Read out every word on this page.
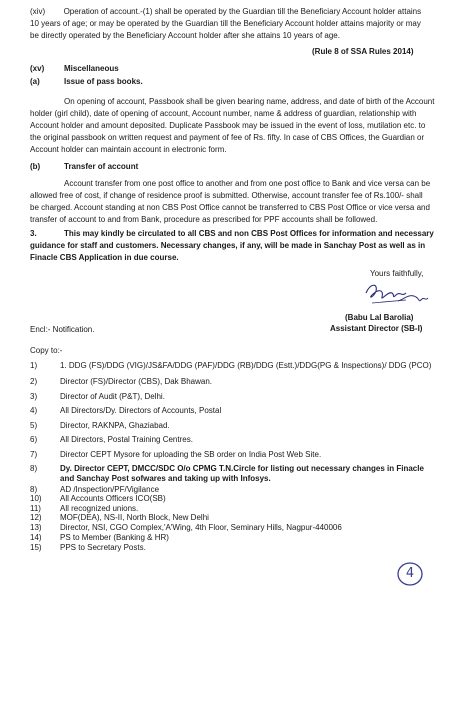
(xiv) Operation of account.-(1) shall be operated by the Guardian till the Beneficiary Account holder attains
10 years of age; or may be operated by the Guardian till the Beneficiary Account holder attains majority or may
be directly operated by the Beneficiary Account holder after she attains 10 years of age.
(Rule 8 of SSA Rules 2014)
(xv) Miscellaneous
(a)	Issue of pass books.
On opening of account, Passbook shall be given bearing name, address, and date of birth of the Account
holder (girl child), date of opening of account, Account number, name & address of guardian, relationship with
Account holder and amount deposited. Duplicate Passbook may be issued in the event of loss, mutilation etc. to
the original passbook on written request and payment of fee of Rs. fifty. In case of CBS Offices, the Guardian or
Account holder can maintain account in electronic form.
(b)	Transfer of account
Account transfer from one post office to another and from one post office to Bank and vice versa can be
allowed free of cost, if change of residence proof is submitted. Otherwise, account transfer fee of Rs.100/- shall
be charged. Account standing at non CBS Post Office cannot be transferred to CBS Post Office or vice versa and
transfer of account to and from Bank, procedure as prescribed for PPF accounts shall be followed.
3.	This may kindly be circulated to all CBS and non CBS Post Offices for information and necessary
guidance for staff and customers. Necessary changes, if any, will be made in Sanchay Post as well as in
Finacle CBS Application in due course.
Yours faithfully,
(Babu Lal Barolia)
Assistant Director (SB-I)
Encl:- Notification.
Copy to:-
1)	1. DDG (FS)/DDG (VIG)/JS&FA/DDG (PAF)/DDG (RB)/DDG (Estt.)/DDG(PG & Inspections)/ DDG (PCO)
2)	Director (FS)/Director (CBS), Dak Bhawan.
3)	Director of Audit (P&T), Delhi.
4)	All Directors/Dy. Directors of Accounts, Postal
5)	Director, RAKNPA, Ghaziabad.
6)	All Directors, Postal Training Centres.
7)	Director CEPT Mysore for uploading the SB order on India Post Web Site.
8)	Dy. Director CEPT, DMCC/SDC O/o CPMG T.N.Circle for listing out necessary changes in Finacle
and Sanchay Post sofwares and taking up with Infosys.
8)	AD /Inspection/PF/Vigilance
10)	All Accounts Officers ICO(SB)
11)	All recognized unions.
12)	MOF(DEA), NS-II, North Block, New Delhi
13)	Director, NSI, CGO Complex,'A'Wing, 4th Floor, Seminary Hills, Nagpur-440006
14)	PS to Member (Banking & HR)
15)	PPS to Secretary Posts.
4
